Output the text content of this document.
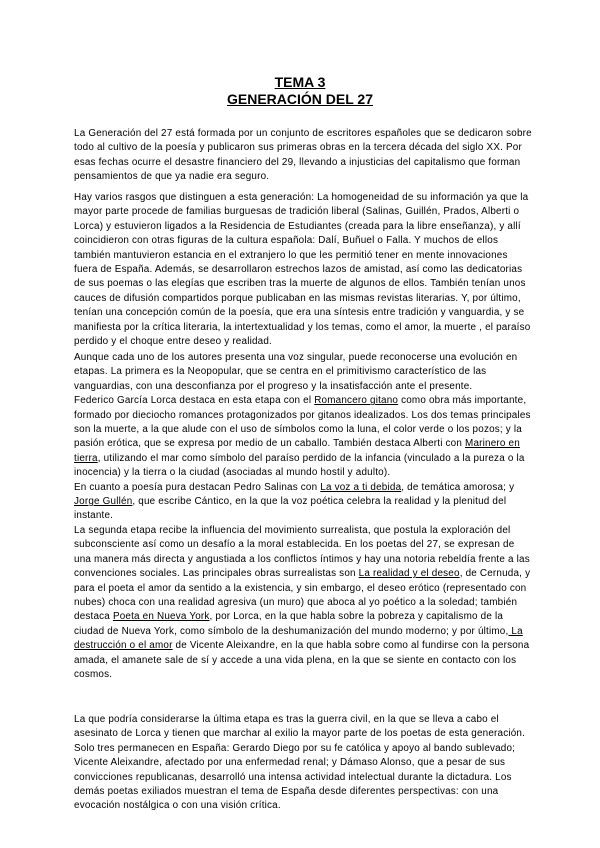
TEMA 3
GENERACIÓN DEL 27
La Generación del 27 está formada por un conjunto de escritores españoles que se dedicaron sobre todo al cultivo de la poesía y publicaron sus primeras obras en la tercera década del siglo XX. Por esas fechas ocurre el desastre financiero del 29, llevando a injusticias del capitalismo que forman pensamientos de que ya nadie era seguro.
Hay varios rasgos que distinguen a esta generación: La homogeneidad de su información ya que la mayor parte procede de familias burguesas de tradición liberal (Salinas, Guillén, Prados, Alberti o Lorca) y estuvieron ligados a la Residencia de Estudiantes (creada para la libre enseñanza), y allí coincidieron con otras figuras de la cultura española: Dalí, Buñuel o Falla. Y muchos de ellos también mantuvieron estancia en el extranjero lo que les permitió tener en mente innovaciones fuera de España. Además, se desarrollaron estrechos lazos de amistad, así como las dedicatorias de sus poemas o las elegías que escriben tras la muerte de algunos de ellos. También tenían unos cauces de difusión compartidos porque publicaban en las mismas revistas literarias. Y, por último, tenían una concepción común de la poesía, que era una síntesis entre tradición y vanguardia, y se manifiesta por la crítica literaria, la intertextualidad y los temas, como el amor, la muerte , el paraíso perdido y el choque entre deseo y realidad.
Aunque cada uno de los autores presenta una voz singular, puede reconocerse una evolución en etapas. La primera es la Neopopular, que se centra en el primitivismo característico de las vanguardias, con una desconfianza por el progreso y la insatisfacción ante el presente.
Federico García Lorca destaca en esta etapa con el Romancero gitano como obra más importante, formado por dieciocho romances protagonizados por gitanos idealizados. Los dos temas principales son la muerte, a la que alude con el uso de símbolos como la luna, el color verde o los pozos; y la pasión erótica, que se expresa por medio de un caballo. También destaca Alberti con Marinero en tierra, utilizando el mar como símbolo del paraíso perdido de la infancia (vinculado a la pureza o la inocencia) y la tierra o la ciudad (asociadas al mundo hostil y adulto).
En cuanto a poesía pura destacan Pedro Salinas con La voz a ti debida, de temática amorosa; y Jorge Gullén, que escribe Cántico, en la que la voz poética celebra la realidad y la plenitud del instante.
La segunda etapa recibe la influencia del movimiento surrealista, que postula la exploración del subconsciente así como un desafío a la moral establecida. En los poetas del 27, se expresan de una manera más directa y angustiada a los conflictos íntimos y hay una notoria rebeldía frente a las convenciones sociales. Las principales obras surrealistas son La realidad y el deseo, de Cernuda, y para el poeta el amor da sentido a la existencia, y sin embargo, el deseo erótico (representado con nubes) choca con una realidad agresiva (un muro) que aboca al yo poético a la soledad; también destaca Poeta en Nueva York, por Lorca, en la que habla sobre la pobreza y capitalismo de la ciudad de Nueva York, como símbolo de la deshumanización del mundo moderno; y por último, La destrucción o el amor de Vicente Aleixandre, en la que habla sobre como al fundirse con la persona amada, el amanete sale de sí y accede a una vida plena, en la que se siente en contacto con los cosmos.
La que podría considerarse la última etapa es tras la guerra civil, en la que se lleva a cabo el asesinato de Lorca y tienen que marchar al exilio la mayor parte de los poetas de esta generación. Solo tres permanecen en España: Gerardo Diego por su fe católica y apoyo al bando sublevado; Vicente Aleixandre, afectado por una enfermedad renal; y Dámaso Alonso, que a pesar de sus convicciones republicanas, desarrolló una intensa actividad intelectual durante la dictadura. Los demás poetas exiliados muestran el tema de España desde diferentes perspectivas: con una evocación nostálgica o con una visión crítica.
